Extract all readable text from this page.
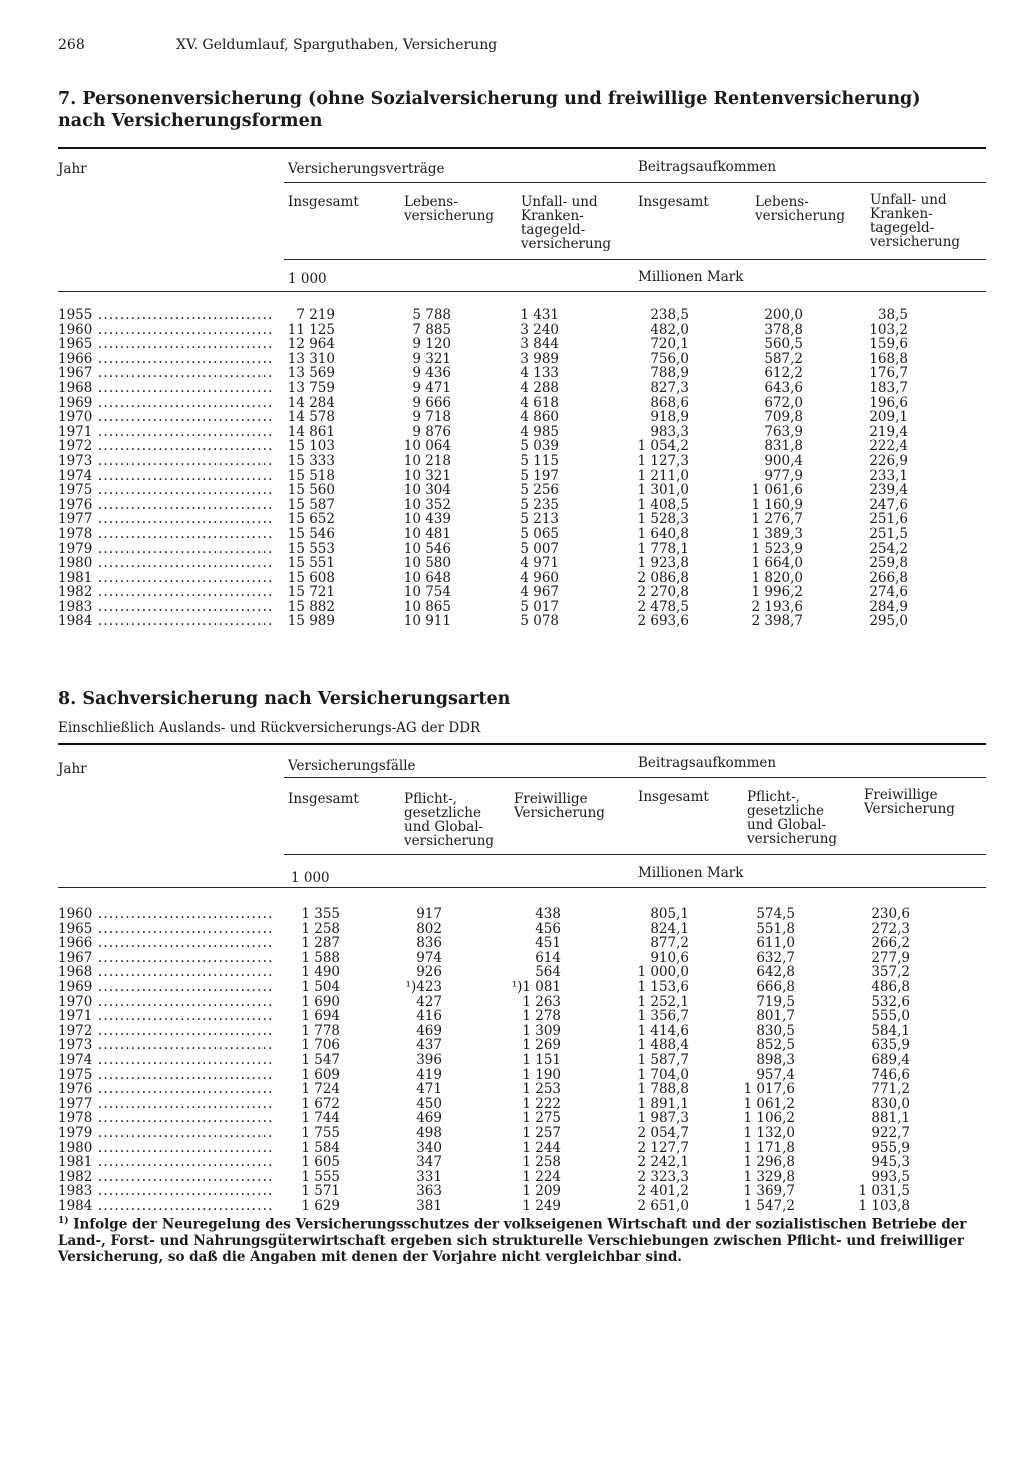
268	XV. Geldumlauf, Sparguthaben, Versicherung
7. Personenversicherung (ohne Sozialversicherung und freiwillige Rentenversicherung)
nach Versicherungsformen
Jahr	Versicherungsverträge	Beitragsaufkommen
Insgesamt	Lebens-
versicherung
Unfall- und
Kranken-
tagegeld-
versicherung
Insgesamt	Lebens-
versicherung
Unfall- und
Kranken-
tagegeld-
versicherung
1 000	Millionen Mark
1955 .....	7 219	5 788	1 431	238,5	200,0	38,5
1960 .....	11 125	7 885	3 240	482,0	378,8	103,2
1965 .....	12 964	9 120	3 844	720,1	560,5	159,6
1966 .....	13 310	9 321	3 989	756,0	587,2	168,8
1967 .....	13 569	9 436	4 133	788,9	612,2	176,7
1968 .....	13 759	9 471	4 288	827,3	643,6	183,7
1969 .....	14 284	9 666	4 618	868,6	672,0	196,6
1970 .....	14 578	9 718	4 860	918,9	709,8	209,1
1971 .....	14 861	9 876	4 985	983,3	763,9	219,4
1972 .....	15 103	10 064	5 039	1 054,2	831,8	222,4
1973 .....	15 333	10 218	5 115	1 127,3	900,4	226,9
1974 .....	15 518	10 321	5 197	1 211,0	977,9	233,1
1975 .....	15 560	10 304	5 256	1 301,0	1 061,6	239,4
1976 .....	15 587	10 352	5 235	1 408,5	1 160,9	247,6
1977 .....	15 652	10 439	5 213	1 528,3	1 276,7	251,6
1978 .....	15 546	10 481	5 065	1 640,8	1 389,3	251,5
1979 .....	15 553	10 546	5 007	1 778,1	1 523,9	254,2
1980 .....	15 551	10 580	4 971	1 923,8	1 664,0	259,8
1981 .....	15 608	10 648	4 960	2 086,8	1 820,0	266,8
1982 .....	15 721	10 754	4 967	2 270,8	1 996,2	274,6
1983 .....	15 882	10 865	5 017	2 478,5	2 193,6	284,9
1984 .....	15 989	10 911	5 078	2 693,6	2 398,7	295,0
8. Sachversicherung nach Versicherungsarten
Einschließlich Auslands- und Rückversicherungs-AG der DDR
Jahr	Versicherungsfälle	Beitragsaufkommen
Insgesamt	Pflicht-,
gesetzliche
und Global-
versicherung
Freiwillige
Versicherung
Insgesamt	Pflicht-,
gesetzliche
und Global-
versicherung
Freiwillige
Versicherung
1 000	Millionen Mark
1960 .....	1 355	917	438	805,1	574,5	230,6
1965 .....	1 258	802	456	824,1	551,8	272,3
1966 .....	1 287	836	451	877,2	611,0	266,2
1967 .....	1 588	974	614	910,6	632,7	277,9
1968 .....	1 490	926	564	1 000,0	642,8	357,2
1969 .....	1 504	¹)423	¹)1 081	1 153,6	666,8	486,8
1970 .....	1 690	427	1 263	1 252,1	719,5	532,6
1971 .....	1 694	416	1 278	1 356,7	801,7	555,0
1972 .....	1 778	469	1 309	1 414,6	830,5	584,1
1973 .....	1 706	437	1 269	1 488,4	852,5	635,9
1974 .....	1 547	396	1 151	1 587,7	898,3	689,4
1975 .....	1 609	419	1 190	1 704,0	957,4	746,6
1976 .....	1 724	471	1 253	1 788,8	1 017,6	771,2
1977 .....	1 672	450	1 222	1 891,1	1 061,2	830,0
1978 .....	1 744	469	1 275	1 987,3	1 106,2	881,1
1979 .....	1 755	498	1 257	2 054,7	1 132,0	922,7
1980 .....	1 584	340	1 244	2 127,7	1 171,8	955,9
1981 .....	1 605	347	1 258	2 242,1	1 296,8	945,3
1982 .....	1 555	331	1 224	2 323,3	1 329,8	993,5
1983 .....	1 571	363	1 209	2 401,2	1 369,7	1 031,5
1984 .....	1 629	381	1 249	2 651,0	1 547,2	1 103,8
$^{1)}$ Infolge der Neuregelung des Versicherungsschutzes der volkseigenen Wirtschaft und der sozialistischen Betriebe der Land-, Forst- und Nahrungsgüterwirtschaft ergeben sich strukturelle Verschiebungen zwischen Pflicht- und freiwilliger Versicherung, so daß die Angaben mit denen der Vorjahre nicht vergleichbar sind.
